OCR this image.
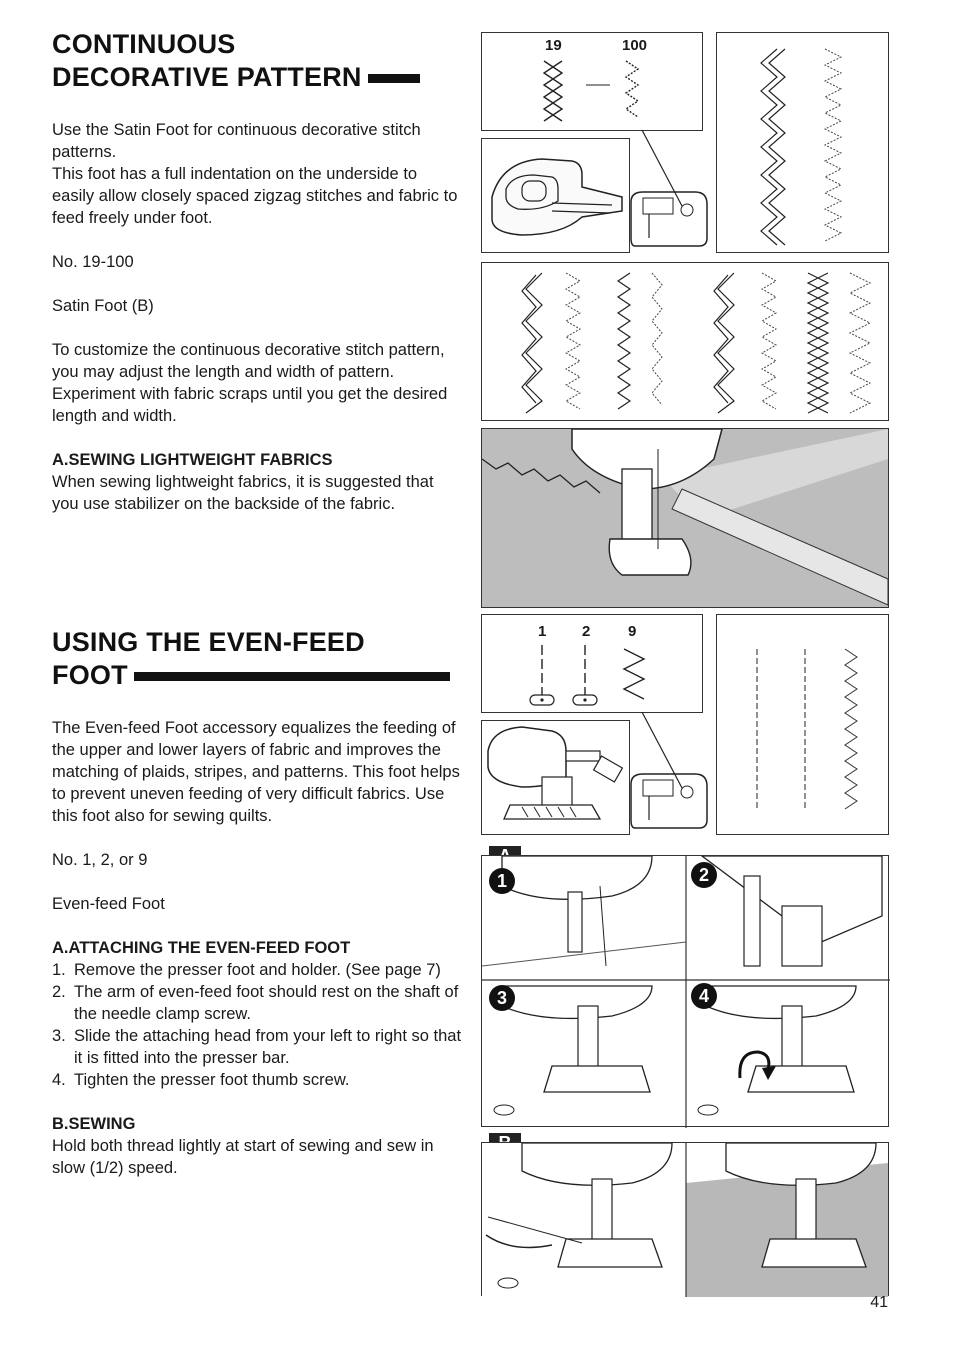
CONTINUOUS
DECORATIVE PATTERN

Use the Satin Foot for continuous decorative stitch patterns.

This foot has a full indentation on the underside to easily allow closely spaced zigzag stitches and fabric to feed freely under foot.

No. 19-100

Satin Foot (B)

To customize the continuous decorative stitch pattern, you may adjust the length and width of pattern.

Experiment with fabric scraps until you get the desired length and width.

A.SEWING LIGHTWEIGHT FABRICS

When sewing lightweight fabrics, it is suggested that you use stabilizer on the backside of the fabric.

USING THE EVEN-FEED
FOOT

The Even-feed Foot accessory equalizes the feeding of the upper and lower layers of fabric and improves the matching of plaids, stripes, and patterns. This foot helps to prevent uneven feeding of very difficult fabrics. Use this foot also for sewing quilts.

No. 1, 2, or 9

Even-feed Foot

A.ATTACHING THE EVEN-FEED FOOT
1. Remove the presser foot and holder. (See page 7)
2. The arm of even-feed foot should rest on the shaft of the needle clamp screw.
3. Slide the attaching head from your left to right so that it is fitted into the presser bar.
4. Tighten the presser foot thumb screw.
B.SEWING

Hold both thread lightly at start of sewing and sew in slow (1/2) speed.

19	100
1 2	9
1	2
3	4
41
